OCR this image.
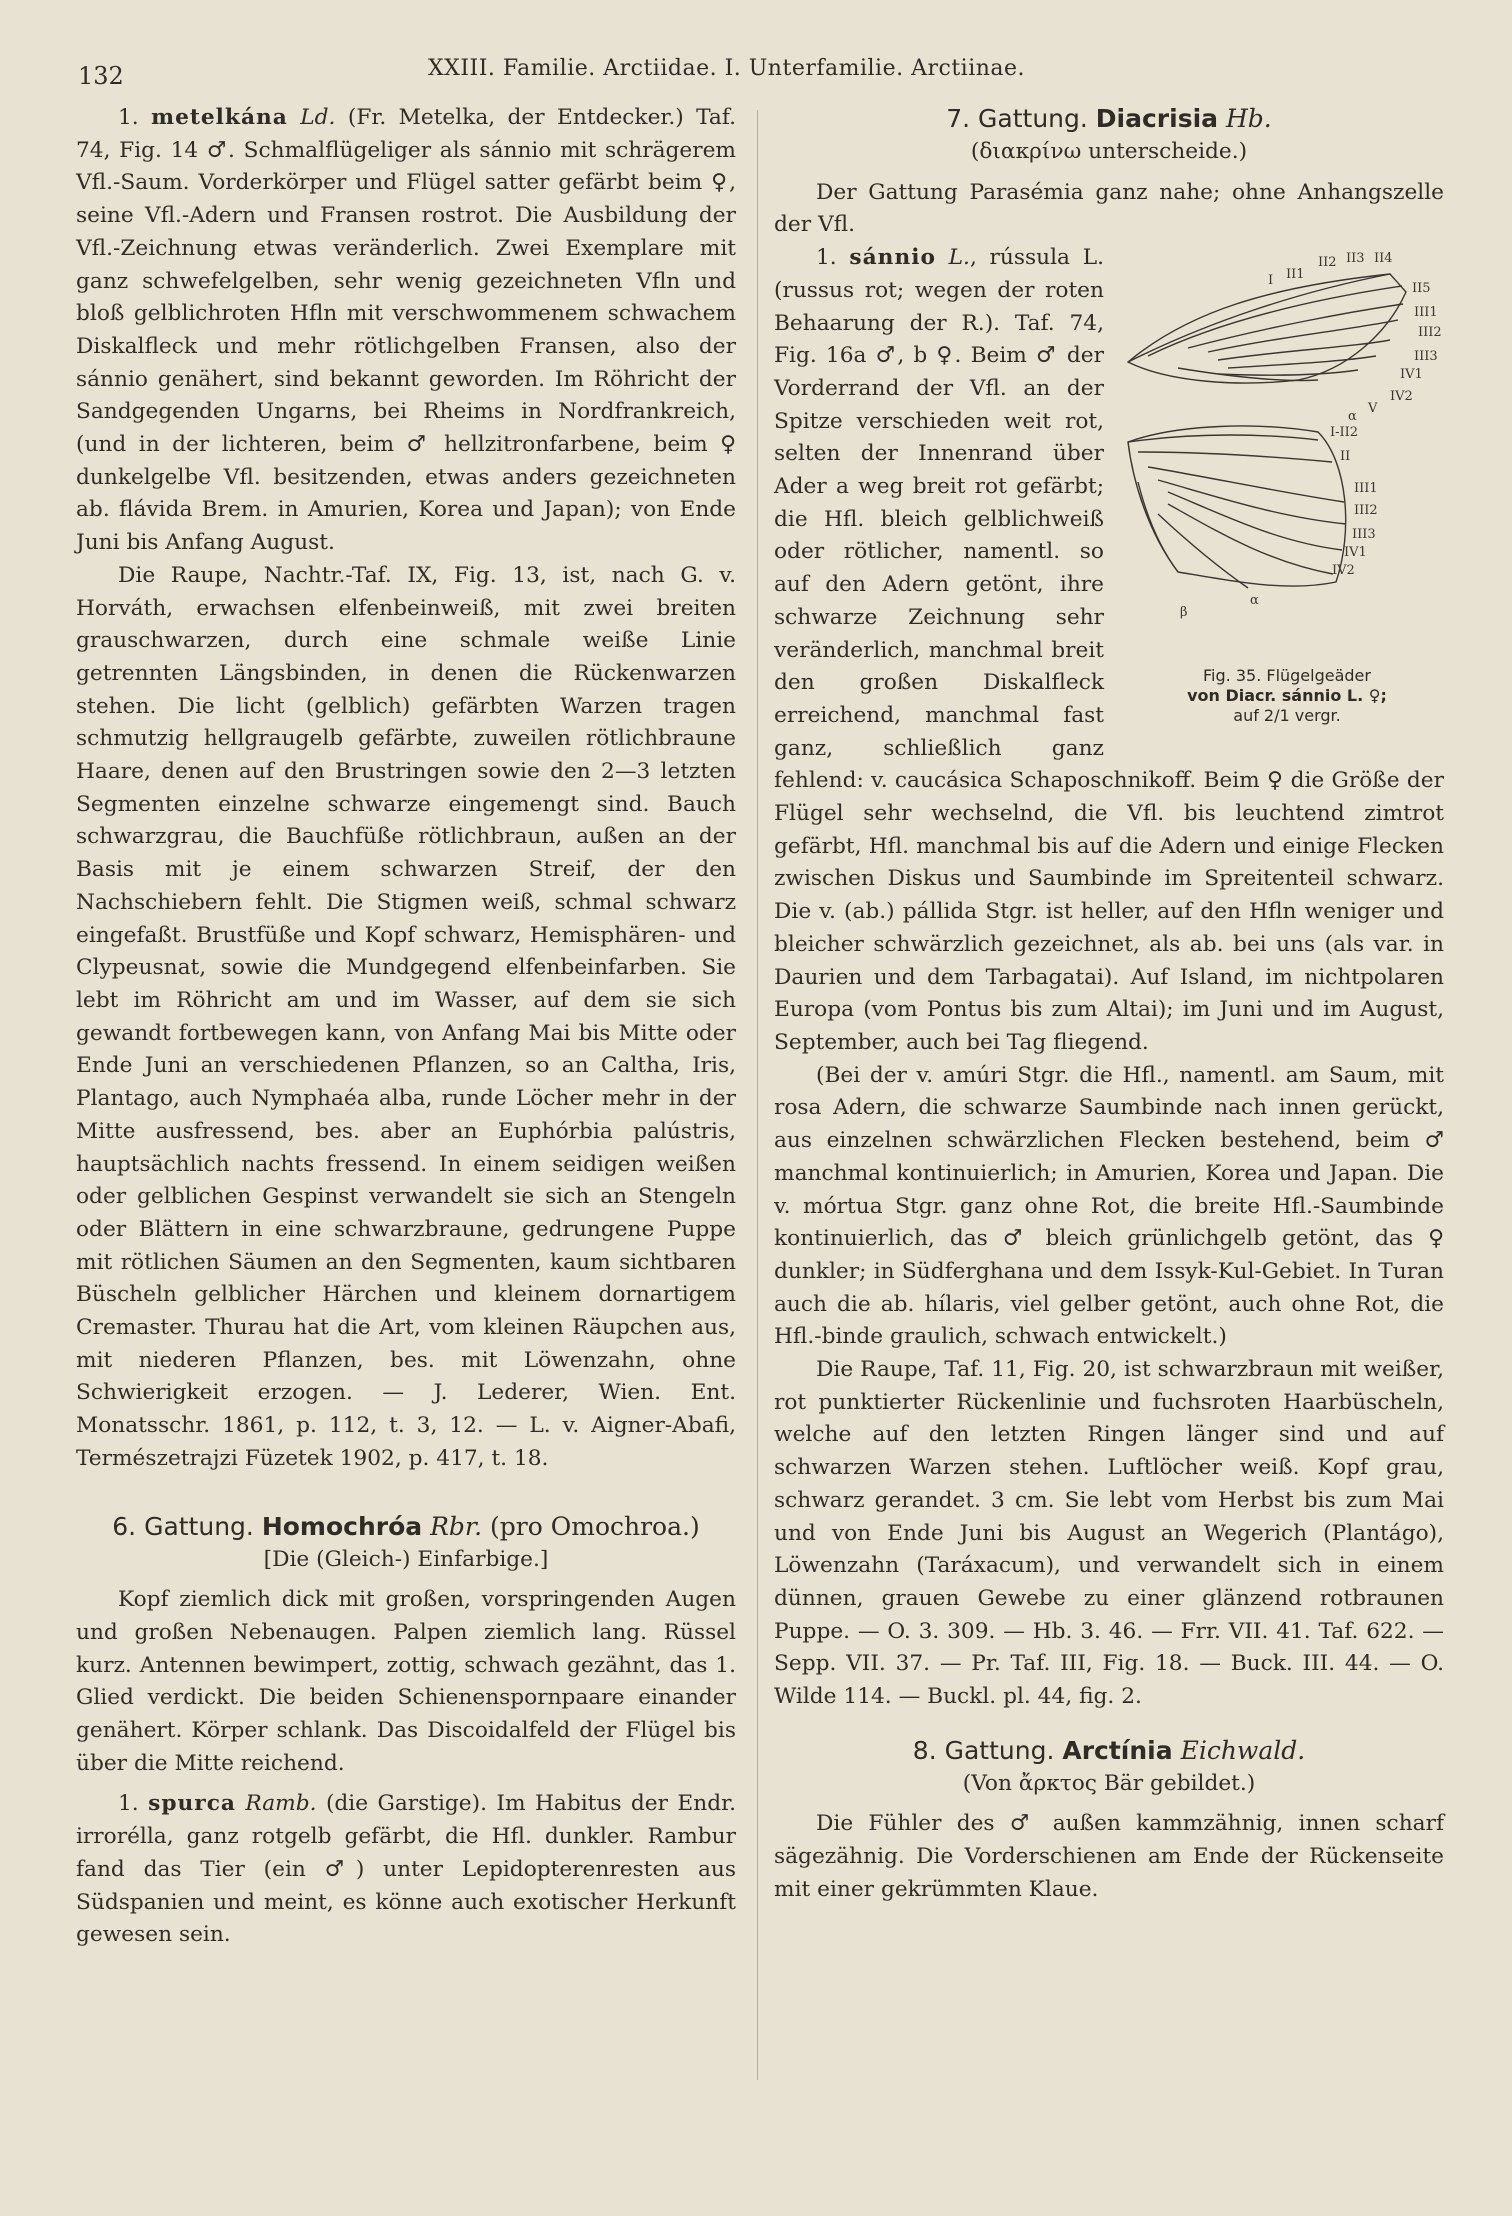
132	XXIII. Familie. Arctiidae. I. Unterfamilie. Arctiinae.

1. metelkána Ld. (Fr. Metelka, der Entdecker.) Taf. 74, Fig. 14 ♂. Schmalflügeliger als sánnio mit schrägerem Vfl.-Saum. Vorderkörper und Flügel satter gefärbt beim ♀, seine Vfl.-Adern und Fransen rostrot. Die Ausbildung der Vfl.-Zeichnung etwas veränderlich. Zwei Exemplare mit ganz schwefelgelben, sehr wenig gezeichneten Vfln und bloß gelblichroten Hfln mit verschwommenem schwachem Diskalfleck und mehr rötlichgelben Fransen, also der sánnio genähert, sind bekannt geworden. Im Röhricht der Sandgegenden Ungarns, bei Rheims in Nordfrankreich, (und in der lichteren, beim ♂ hellzitronfarbene, beim ♀ dunkelgelbe Vfl. besitzenden, etwas anders gezeichneten ab. flávida Brem. in Amurien, Korea und Japan); von Ende Juni bis Anfang August.

Die Raupe, Nachtr.-Taf. IX, Fig. 13, ist, nach G. v. Horváth, erwachsen elfenbeinweiß, mit zwei breiten grauschwarzen, durch eine schmale weiße Linie getrennten Längsbinden, in denen die Rückenwarzen stehen. Die licht (gelblich) gefärbten Warzen tragen schmutzig hellgraugelb gefärbte, zuweilen rötlichbraune Haare, denen auf den Brustringen sowie den 2—3 letzten Segmenten einzelne schwarze eingemengt sind. Bauch schwarzgrau, die Bauchfüße rötlichbraun, außen an der Basis mit je einem schwarzen Streif, der den Nachschiebern fehlt. Die Stigmen weiß, schmal schwarz eingefaßt. Brustfüße und Kopf schwarz, Hemisphären- und Clypeusnat, sowie die Mundgegend elfenbeinfarben. Sie lebt im Röhricht am und im Wasser, auf dem sie sich gewandt fortbewegen kann, von Anfang Mai bis Mitte oder Ende Juni an verschiedenen Pflanzen, so an Caltha, Iris, Plantago, auch Nymphaéa alba, runde Löcher mehr in der Mitte ausfressend, bes. aber an Euphórbia palústris, hauptsächlich nachts fressend. In einem seidigen weißen oder gelblichen Gespinst verwandelt sie sich an Stengeln oder Blättern in eine schwarzbraune, gedrungene Puppe mit rötlichen Säumen an den Segmenten, kaum sichtbaren Büscheln gelblicher Härchen und kleinem dornartigem Cremaster. Thurau hat die Art, vom kleinen Räupchen aus, mit niederen Pflanzen, bes. mit Löwenzahn, ohne Schwierigkeit erzogen. — J. Lederer, Wien. Ent. Monatsschr. 1861, p. 112, t. 3, 12. — L. v. Aigner-Abafi, Természetrajzi Füzetek 1902, p. 417, t. 18.

6. Gattung. Homochróa Rbr. (pro Omochroa.)

[Die (Gleich-) Einfarbige.]

Kopf ziemlich dick mit großen, vorspringenden Augen und großen Nebenaugen. Palpen ziemlich lang. Rüssel kurz. Antennen bewimpert, zottig, schwach gezähnt, das 1. Glied verdickt. Die beiden Schienenspornpaare einander genähert. Körper schlank. Das Discoidalfeld der Flügel bis über die Mitte reichend.

1. spurca Ramb. (die Garstige). Im Habitus der Endr. irrorélla, ganz rotgelb gefärbt, die Hfl. dunkler. Rambur fand das Tier (ein ♂) unter Lepidopterenresten aus Südspanien und meint, es könne auch exotischer Herkunft gewesen sein.

7. Gattung. Diacrisia Hb.

(διακρίνω unterscheide.)

Der Gattung Parasémia ganz nahe; ohne Anhangszelle der Vfl.

I II1
II2 II3 II4
II5
III1
III2
III3
IV1
IV2
V
α
I-II2
II
III1
III2
III3
IV1
IV2
β
α
Fig. 35. Flügelgeäder
von Diacr. sánnio L. ♀;
auf 2/1 vergr.

1. sánnio L., rússula L. (russus rot; wegen der roten Behaarung der R.). Taf. 74, Fig. 16a ♂, b ♀. Beim ♂ der Vorderrand der Vfl. an der Spitze verschieden weit rot, selten der Innenrand über Ader a weg breit rot gefärbt; die Hfl. bleich gelblichweiß oder rötlicher, namentl. so auf den Adern getönt, ihre schwarze Zeichnung sehr veränderlich, manchmal breit den großen Diskalfleck erreichend, manchmal fast ganz, schließlich ganz fehlend: v. caucásica Schaposchnikoff. Beim ♀ die Größe der Flügel sehr wechselnd, die Vfl. bis leuchtend zimtrot gefärbt, Hfl. manchmal bis auf die Adern und einige Flecken zwischen Diskus und Saumbinde im Spreitenteil schwarz. Die v. (ab.) pállida Stgr. ist heller, auf den Hfln weniger und bleicher schwärzlich gezeichnet, als ab. bei uns (als var. in Daurien und dem Tarbagatai). Auf Island, im nichtpolaren Europa (vom Pontus bis zum Altai); im Juni und im August, September, auch bei Tag fliegend.

(Bei der v. amúri Stgr. die Hfl., namentl. am Saum, mit rosa Adern, die schwarze Saumbinde nach innen gerückt, aus einzelnen schwärzlichen Flecken bestehend, beim ♂ manchmal kontinuierlich; in Amurien, Korea und Japan. Die v. mórtua Stgr. ganz ohne Rot, die breite Hfl.-Saumbinde kontinuierlich, das ♂ bleich grünlichgelb getönt, das ♀ dunkler; in Südferghana und dem Issyk-Kul-Gebiet. In Turan auch die ab. hílaris, viel gelber getönt, auch ohne Rot, die Hfl.-binde graulich, schwach entwickelt.)

Die Raupe, Taf. 11, Fig. 20, ist schwarzbraun mit weißer, rot punktierter Rückenlinie und fuchsroten Haarbüscheln, welche auf den letzten Ringen länger sind und auf schwarzen Warzen stehen. Luftlöcher weiß. Kopf grau, schwarz gerandet. 3 cm. Sie lebt vom Herbst bis zum Mai und von Ende Juni bis August an Wegerich (Plantágo), Löwenzahn (Taráxacum), und verwandelt sich in einem dünnen, grauen Gewebe zu einer glänzend rotbraunen Puppe. — O. 3. 309. — Hb. 3. 46. — Frr. VII. 41. Taf. 622. — Sepp. VII. 37. — Pr. Taf. III, Fig. 18. — Buck. III. 44. — O. Wilde 114. — Buckl. pl. 44, fig. 2.

8. Gattung. Arctínia Eichwald.

(Von ἄρκτος Bär gebildet.)

Die Fühler des ♂ außen kammzähnig, innen scharf sägezähnig. Die Vorderschienen am Ende der Rückenseite mit einer gekrümmten Klaue.
